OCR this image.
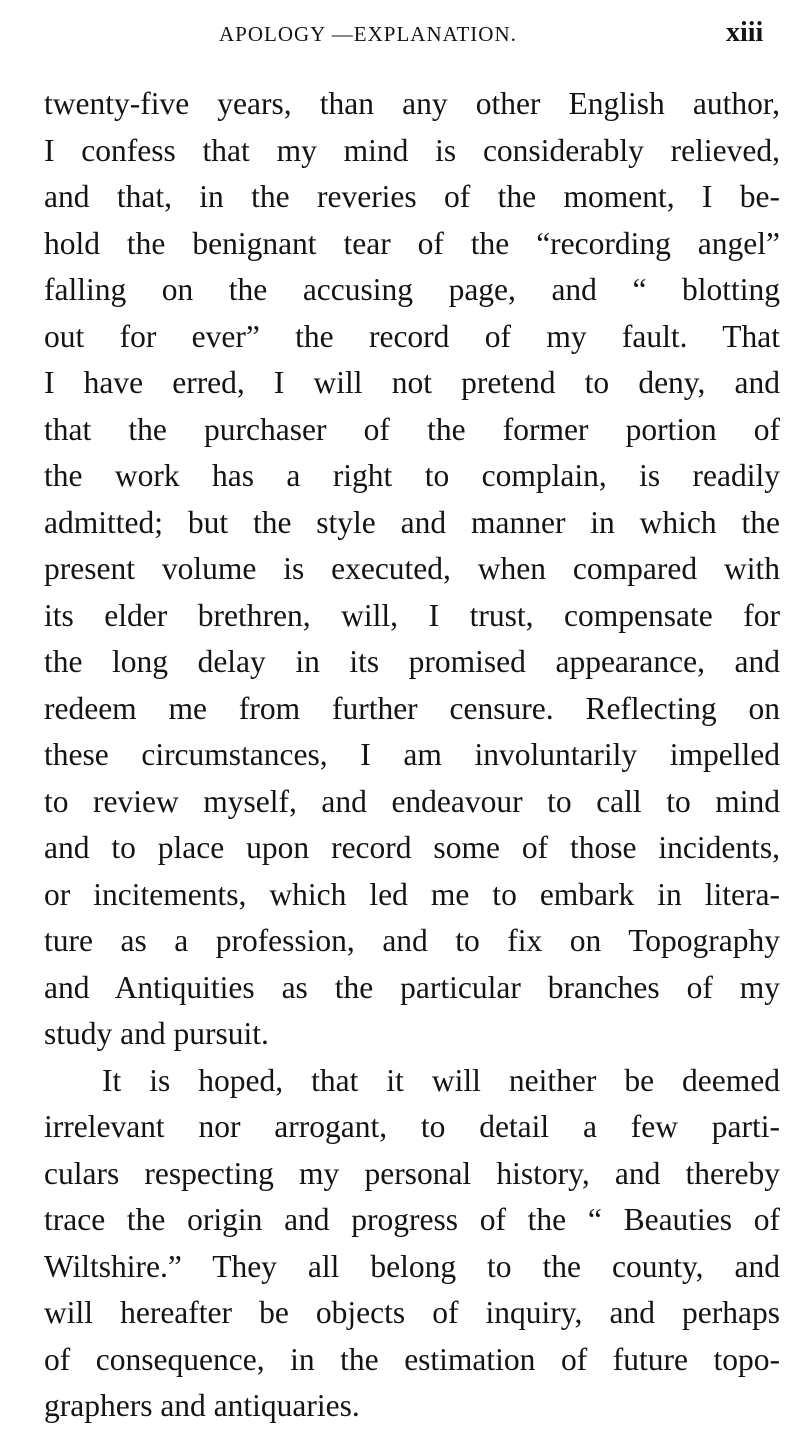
APOLOGY —EXPLANATION.	xiii
twenty-five years, than any other English author,
I confess that my mind is considerably relieved,
and that, in the reveries of the moment, I be-
hold the benignant tear of the “recording angel”
falling on the accusing page, and “ blotting
out for ever” the record of my fault. That
I have erred, I will not pretend to deny, and
that the purchaser of the former portion of
the work has a right to complain, is readily
admitted; but the style and manner in which the
present volume is executed, when compared with
its elder brethren, will, I trust, compensate for
the long delay in its promised appearance, and
redeem me from further censure. Reflecting on
these circumstances, I am involuntarily impelled
to review myself, and endeavour to call to mind
and to place upon record some of those incidents,
or incitements, which led me to embark in litera-
ture as a profession, and to fix on Topography
and Antiquities as the particular branches of my
study and pursuit.
It is hoped, that it will neither be deemed
irrelevant nor arrogant, to detail a few parti-
culars respecting my personal history, and thereby
trace the origin and progress of the “ Beauties of
Wiltshire.” They all belong to the county, and
will hereafter be objects of inquiry, and perhaps
of consequence, in the estimation of future topo-
graphers and antiquaries.
